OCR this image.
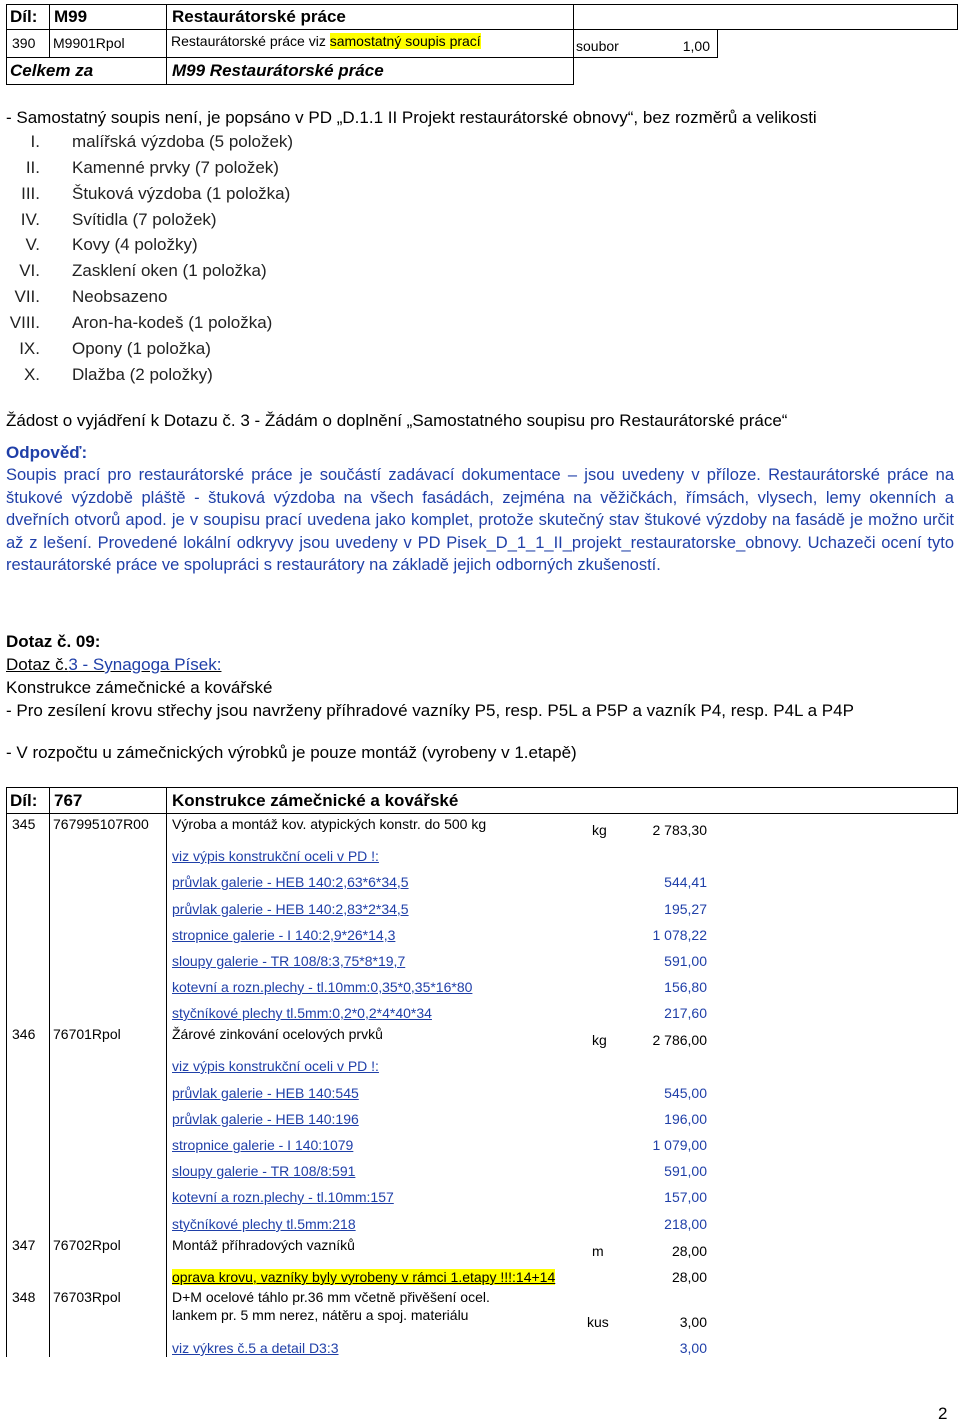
Díl: M99	Restaurátorské práce
390 M9901Rpol	Restaurátorské práce viz samostatný soupis prací	soubor	1,00
Celkem za	M99 Restaurátorské práce
- Samostatný soupis není, je popsáno v PD „D.1.1 II Projekt restaurátorské obnovy“, bez rozměrů a velikosti
I. malířská výzdoba (5 položek)
II. Kamenné prvky (7 položek)
III. Štuková výzdoba (1 položka)
IV. Svítidla (7 položek)
V. Kovy (4 položky)
VI. Zasklení oken (1 položka)
VII. Neobsazeno
VIII. Aron-ha-kodeš (1 položka)
IX. Opony (1 položka)
X. Dlažba (2 položky)
Žádost o vyjádření k Dotazu č. 3 - Žádám o doplnění „Samostatného soupisu pro Restaurátorské práce“
Odpověď:
Soupis prací pro restaurátorské práce je součástí zadávací dokumentace – jsou uvedeny v příloze. Restaurátorské práce na štukové výzdobě pláště - štuková výzdoba na všech fasádách, zejména na věžičkách, římsách, vlysech, lemy okenních a dveřních otvorů apod. je v soupisu prací uvedena jako komplet, protože skutečný stav štukové výzdoby na fasádě je možno určit až z lešení. Provedené lokální odkryvy jsou uvedeny v PD Pisek_D_1_1_II_projekt_restauratorske_obnovy. Uchazeči ocení tyto restaurátorské práce ve spolupráci s restaurátory na základě jejich odborných zkušeností.
Dotaz č. 09:
Dotaz č.3 - Synagoga Písek:
Konstrukce zámečnické a kovářské
- Pro zesílení krovu střechy jsou navrženy příhradové vazníky P5, resp. P5L a P5P a vazník P4, resp. P4L a P4P
- V rozpočtu u zámečnických výrobků je pouze montáž (vyrobeny v 1.etapě)
Díl: 767	Konstrukce zámečnické a kovářské
345 767995107R00 Výroba a montáž kov. atypických konstr. do 500 kg	kg	2 783,30
viz výpis konstrukční oceli v PD !:
průvlak galerie - HEB 140:2,63*6*34,5	544,41
průvlak galerie - HEB 140:2,83*2*34,5	195,27
stropnice galerie - I 140:2,9*26*14,3	1 078,22
sloupy galerie - TR 108/8:3,75*8*19,7	591,00
kotevní a rozn.plechy - tl.10mm:0,35*0,35*16*80	156,80
styčníkové plechy tl.5mm:0,2*0,2*4*40*34	217,60
346 76701Rpol	Žárové zinkování ocelových prvků	kg	2 786,00
viz výpis konstrukční oceli v PD !:
průvlak galerie - HEB 140:545	545,00
průvlak galerie - HEB 140:196	196,00
stropnice galerie - I 140:1079	1 079,00
sloupy galerie - TR 108/8:591	591,00
kotevní a rozn.plechy - tl.10mm:157	157,00
styčníkové plechy tl.5mm:218	218,00
347 76702Rpol	Montáž příhradových vazníků	m	28,00
oprava krovu, vazníky byly vyrobeny v rámci 1.etapy !!!:14+14	28,00
348 76703Rpol	D+M ocelové táhlo pr.36 mm včetně přivěšení ocel.
lankem pr. 5 mm nerez, nátěru a spoj. materiálu	kus	3,00
viz výkres č.5 a detail D3:3	3,00
2
